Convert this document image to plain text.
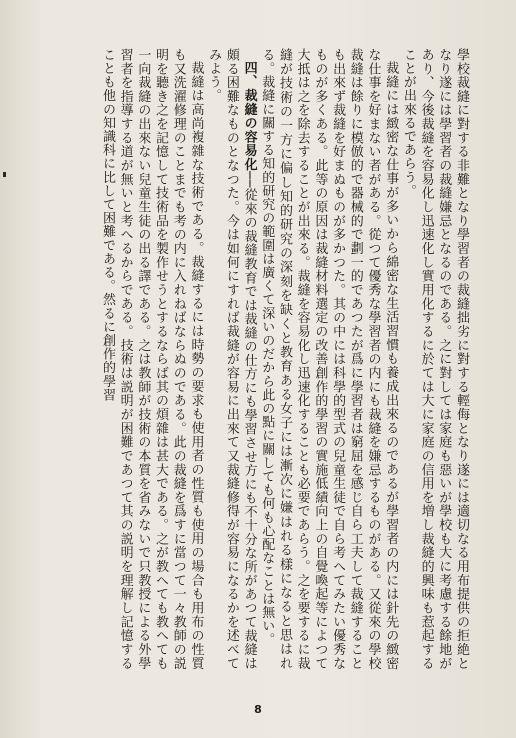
學校裁縫に對する非難となり學習者の裁縫拙劣に對する輕侮となり遂には適切なる用布提供の拒絶となり遂には學習者の裁縫嫌忌となるのである。之に對しては家庭も惡いが學校も大に考慮する餘地があり、今後裁縫を容易化し迅速化し實用化するに於ては大に家庭の信用を増し裁縫的興味も惹起することが出來るであらう。

裁縫には緻密な仕事が多いから綿密な生活習慣も養成出來るのであるが學習者の内には針先の緻密な仕事を好まない者がある。從つて優秀な學習者の内にも裁縫を嫌忌するものがある。又從來の學校裁縫は餘りに模倣的で器械的で劃一的であつたが爲に學習者は窮屈を感じ自ら工夫して裁縫することも出來ず裁縫を好まぬものが多かつた。其の中には科學的型式の兒童生徒で自ら考へてみたい優秀なものが多くある。此等の原因は裁縫材料選定の改善創作的學習の實施低績向上の自覺喚起等によつて大抵は之を除去することが出來る。裁縫を容易化し迅速化することも必要であらう。之を要するに裁縫が技術の一方に偏し知的研究の深刻を缺くと教育ある女子には漸次に嫌はれる樣になると思はれる。裁縫に關する知的研究の範圍は廣くて深いのだから此の點に關しても何も心配なことは無い。

四、裁縫の容易化──從來の裁縫教育では裁縫の仕方にも學習させ方にも不十分な所があつて裁縫は頗る困難なものとなつた。今は如何にすれば裁縫が容易に出來て又裁縫修得が容易になるかを述べてみよう。

裁縫は高尚複雜な技術である。裁縫するには時勢の要求も使用者の性質も使用の場合も用布の性質も又洗濯修理のことまでも考の内に入れねばならぬのである。此の裁縫を爲すに當つて一々教師の説明を聽き之を記憶して技術品を製作せうとするならば其の煩雜は甚大である。之が教へても教へても一向裁縫の出來ない兒童生徒の出る譯である。之は教師が技術の本質を省みないで只教授による外學習者を指導する道が無いと考へるからである。技術は説明が困難であつて其の説明を理解し記憶することも他の知識科に比して困難である。然るに創作的學習

8
